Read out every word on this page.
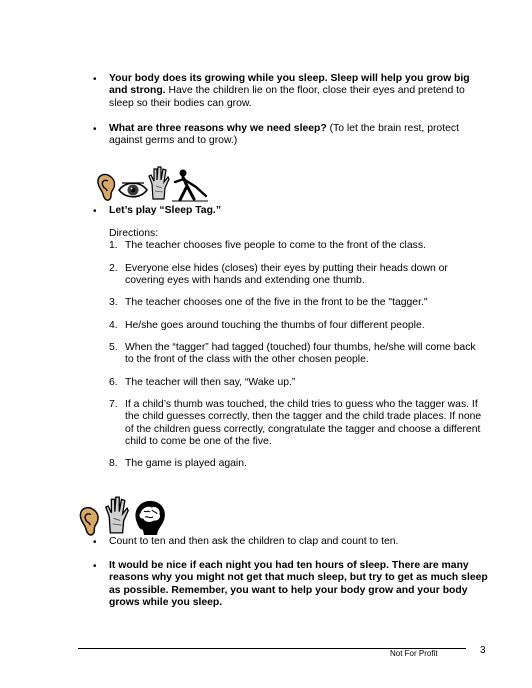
• Your body does its growing while you sleep. Sleep will help you grow big and strong. Have the children lie on the floor, close their eyes and pretend to sleep so their bodies can grow.
• What are three reasons why we need sleep? (To let the brain rest, protect against germs and to grow.)
• Let’s play “Sleep Tag.”
Directions:
1. The teacher chooses five people to come to the front of the class.
2. Everyone else hides (closes) their eyes by putting their heads down or covering eyes with hands and extending one thumb.
3. The teacher chooses one of the five in the front to be the "tagger."
4. He/she goes around touching the thumbs of four different people.
5. When the “tagger” had tagged (touched) four thumbs, he/she will come back to the front of the class with the other chosen people.
6. The teacher will then say, “Wake up.”
7. If a child’s thumb was touched, the child tries to guess who the tagger was. If the child guesses correctly, then the tagger and the child trade places. If none of the children guess correctly, congratulate the tagger and choose a different child to come be one of the five.
8. The game is played again.
• Count to ten and then ask the children to clap and count to ten.
• It would be nice if each night you had ten hours of sleep. There are many reasons why you might not get that much sleep, but try to get as much sleep as possible. Remember, you want to help your body grow and your body grows while you sleep.
Not For Profit	3
